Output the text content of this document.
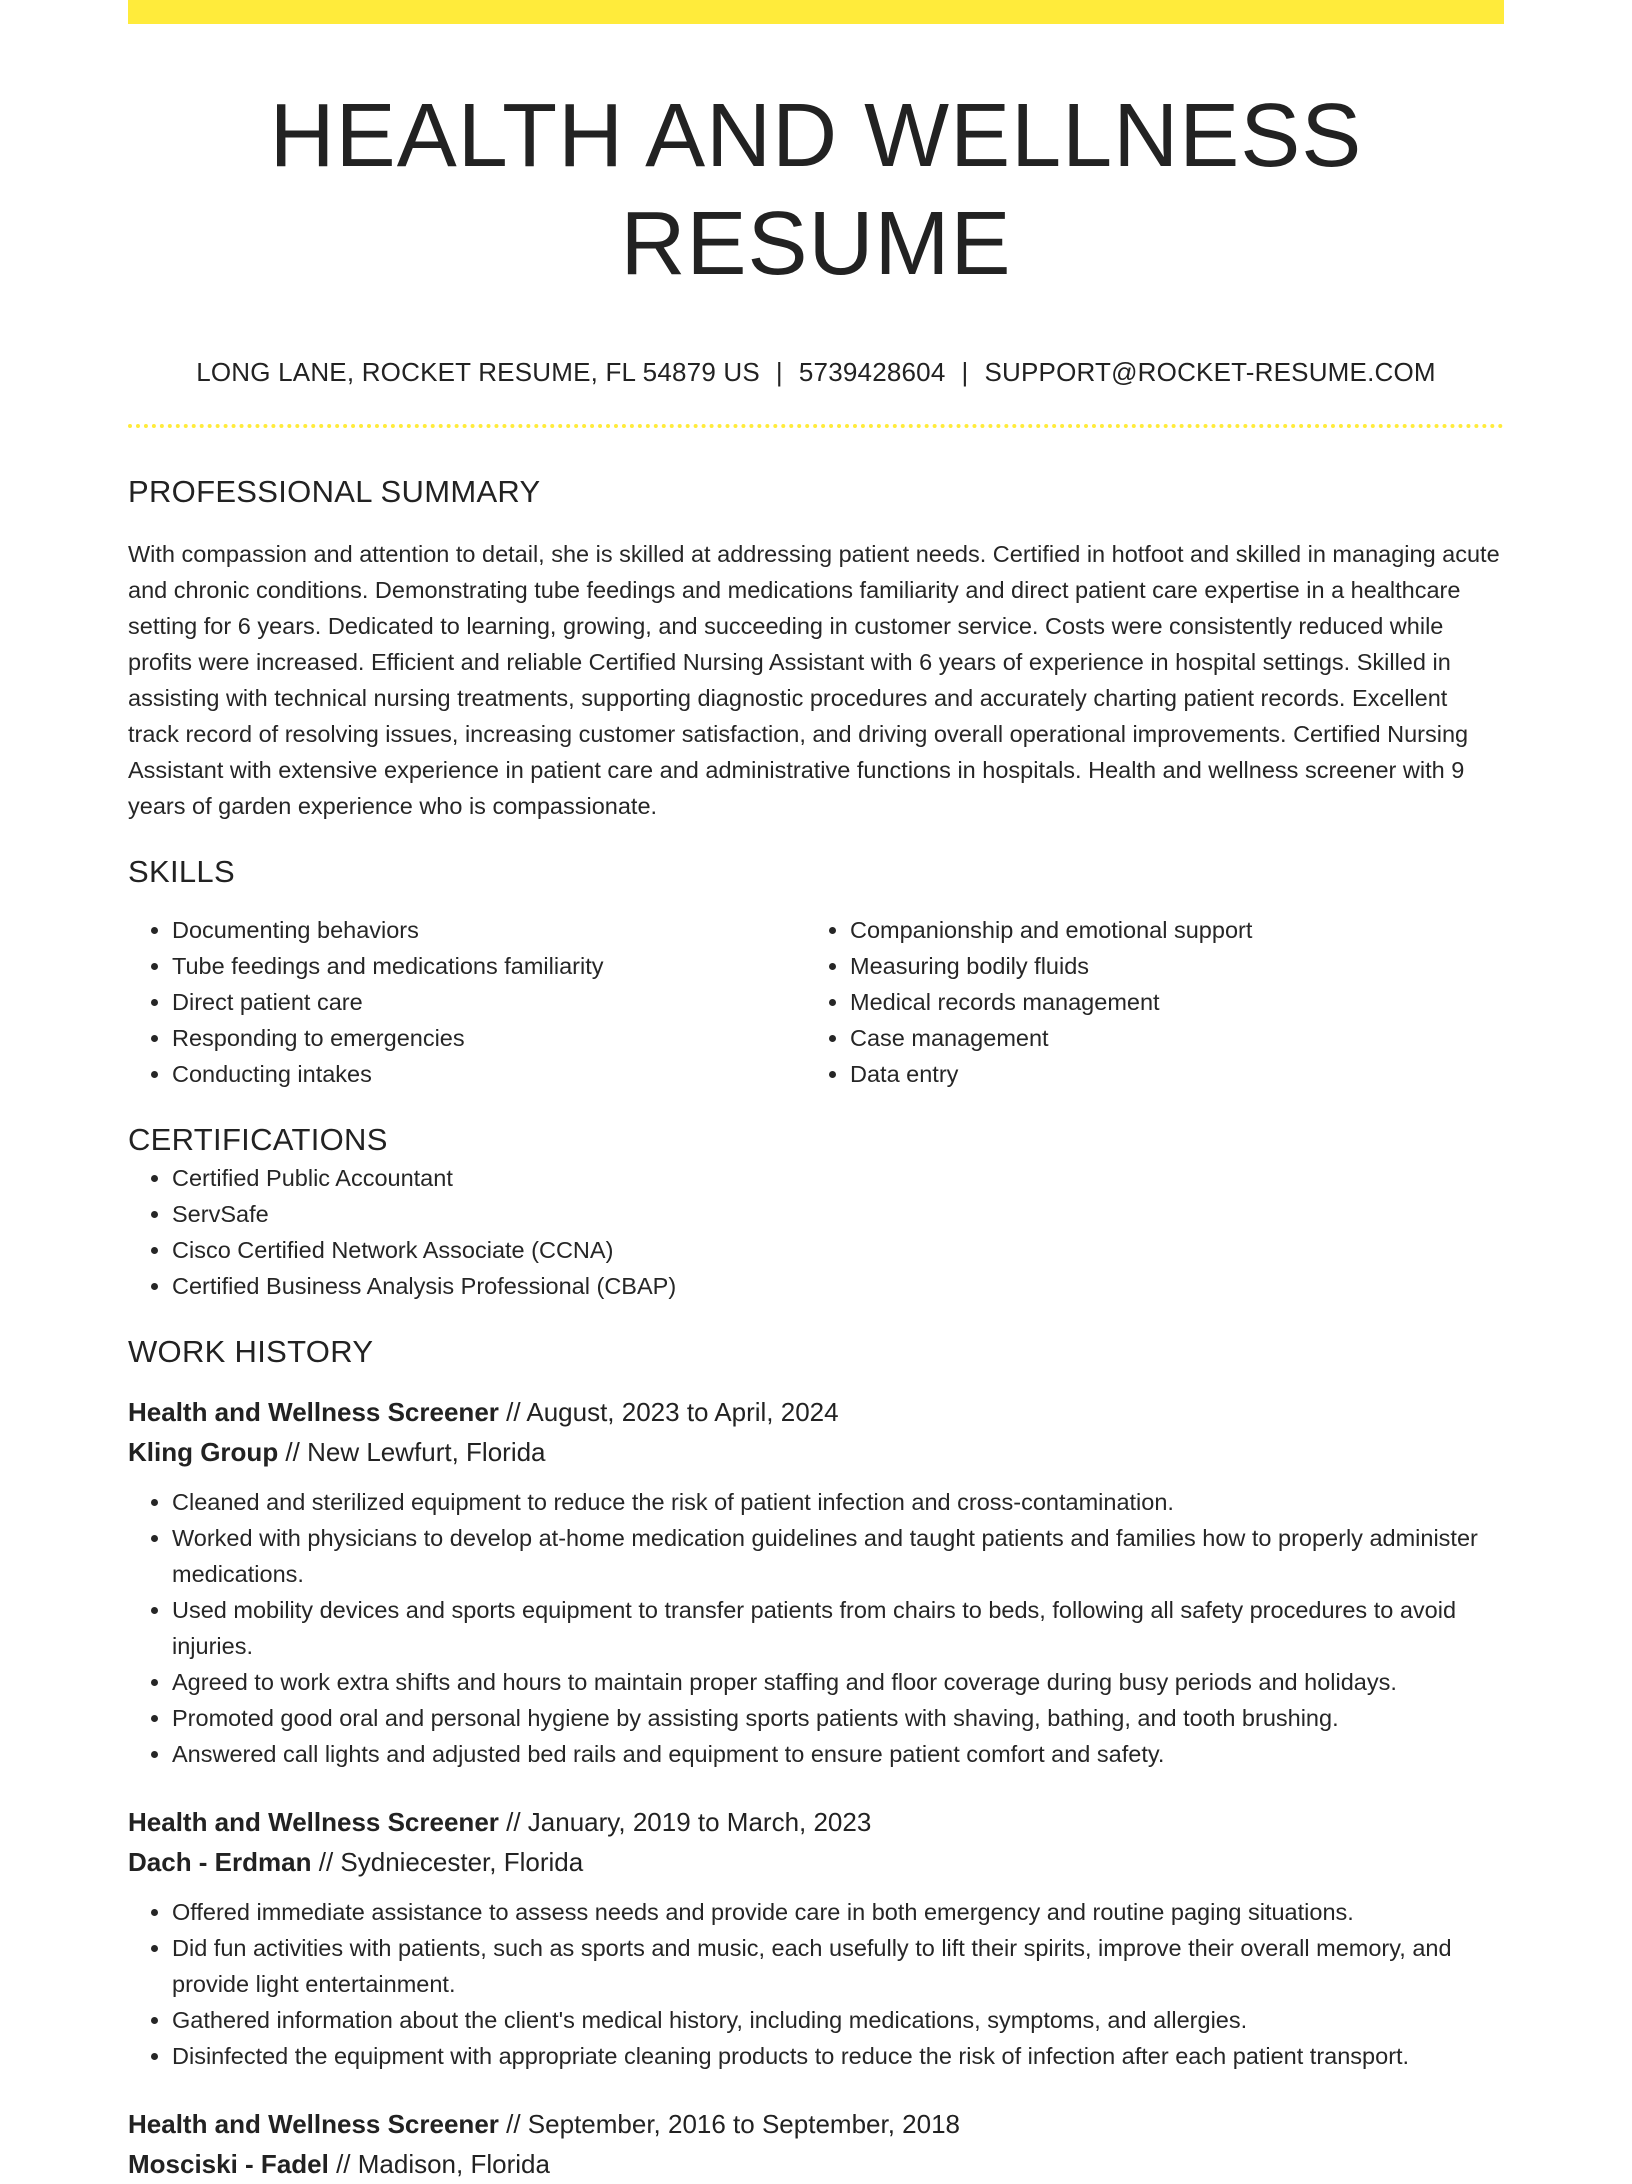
HEALTH AND WELLNESS RESUME
LONG LANE, ROCKET RESUME, FL 54879 US | 5739428604 | SUPPORT@ROCKET-RESUME.COM
PROFESSIONAL SUMMARY

With compassion and attention to detail, she is skilled at addressing patient needs. Certified in hotfoot and skilled in managing acute and chronic conditions. Demonstrating tube feedings and medications familiarity and direct patient care expertise in a healthcare setting for 6 years. Dedicated to learning, growing, and succeeding in customer service. Costs were consistently reduced while profits were increased. Efficient and reliable Certified Nursing Assistant with 6 years of experience in hospital settings. Skilled in assisting with technical nursing treatments, supporting diagnostic procedures and accurately charting patient records. Excellent track record of resolving issues, increasing customer satisfaction, and driving overall operational improvements. Certified Nursing Assistant with extensive experience in patient care and administrative functions in hospitals. Health and wellness screener with 9 years of garden experience who is compassionate.

SKILLS
• Documenting behaviors
• Tube feedings and medications familiarity
• Direct patient care
• Responding to emergencies
• Conducting intakes
• Companionship and emotional support
• Measuring bodily fluids
• Medical records management
• Case management
• Data entry
CERTIFICATIONS
• Certified Public Accountant
• ServSafe
• Cisco Certified Network Associate (CCNA)
• Certified Business Analysis Professional (CBAP)
WORK HISTORY
Health and Wellness Screener // August, 2023 to April, 2024
Kling Group // New Lewfurt, Florida
• Cleaned and sterilized equipment to reduce the risk of patient infection and cross-contamination.
• Worked with physicians to develop at-home medication guidelines and taught patients and families how to properly administer medications.
• Used mobility devices and sports equipment to transfer patients from chairs to beds, following all safety procedures to avoid injuries.
• Agreed to work extra shifts and hours to maintain proper staffing and floor coverage during busy periods and holidays.
• Promoted good oral and personal hygiene by assisting sports patients with shaving, bathing, and tooth brushing.
• Answered call lights and adjusted bed rails and equipment to ensure patient comfort and safety.
Health and Wellness Screener // January, 2019 to March, 2023
Dach - Erdman // Sydniecester, Florida
• Offered immediate assistance to assess needs and provide care in both emergency and routine paging situations.
• Did fun activities with patients, such as sports and music, each usefully to lift their spirits, improve their overall memory, and provide light entertainment.
• Gathered information about the client's medical history, including medications, symptoms, and allergies.
• Disinfected the equipment with appropriate cleaning products to reduce the risk of infection after each patient transport.
Health and Wellness Screener // September, 2016 to September, 2018
Mosciski - Fadel // Madison, Florida
